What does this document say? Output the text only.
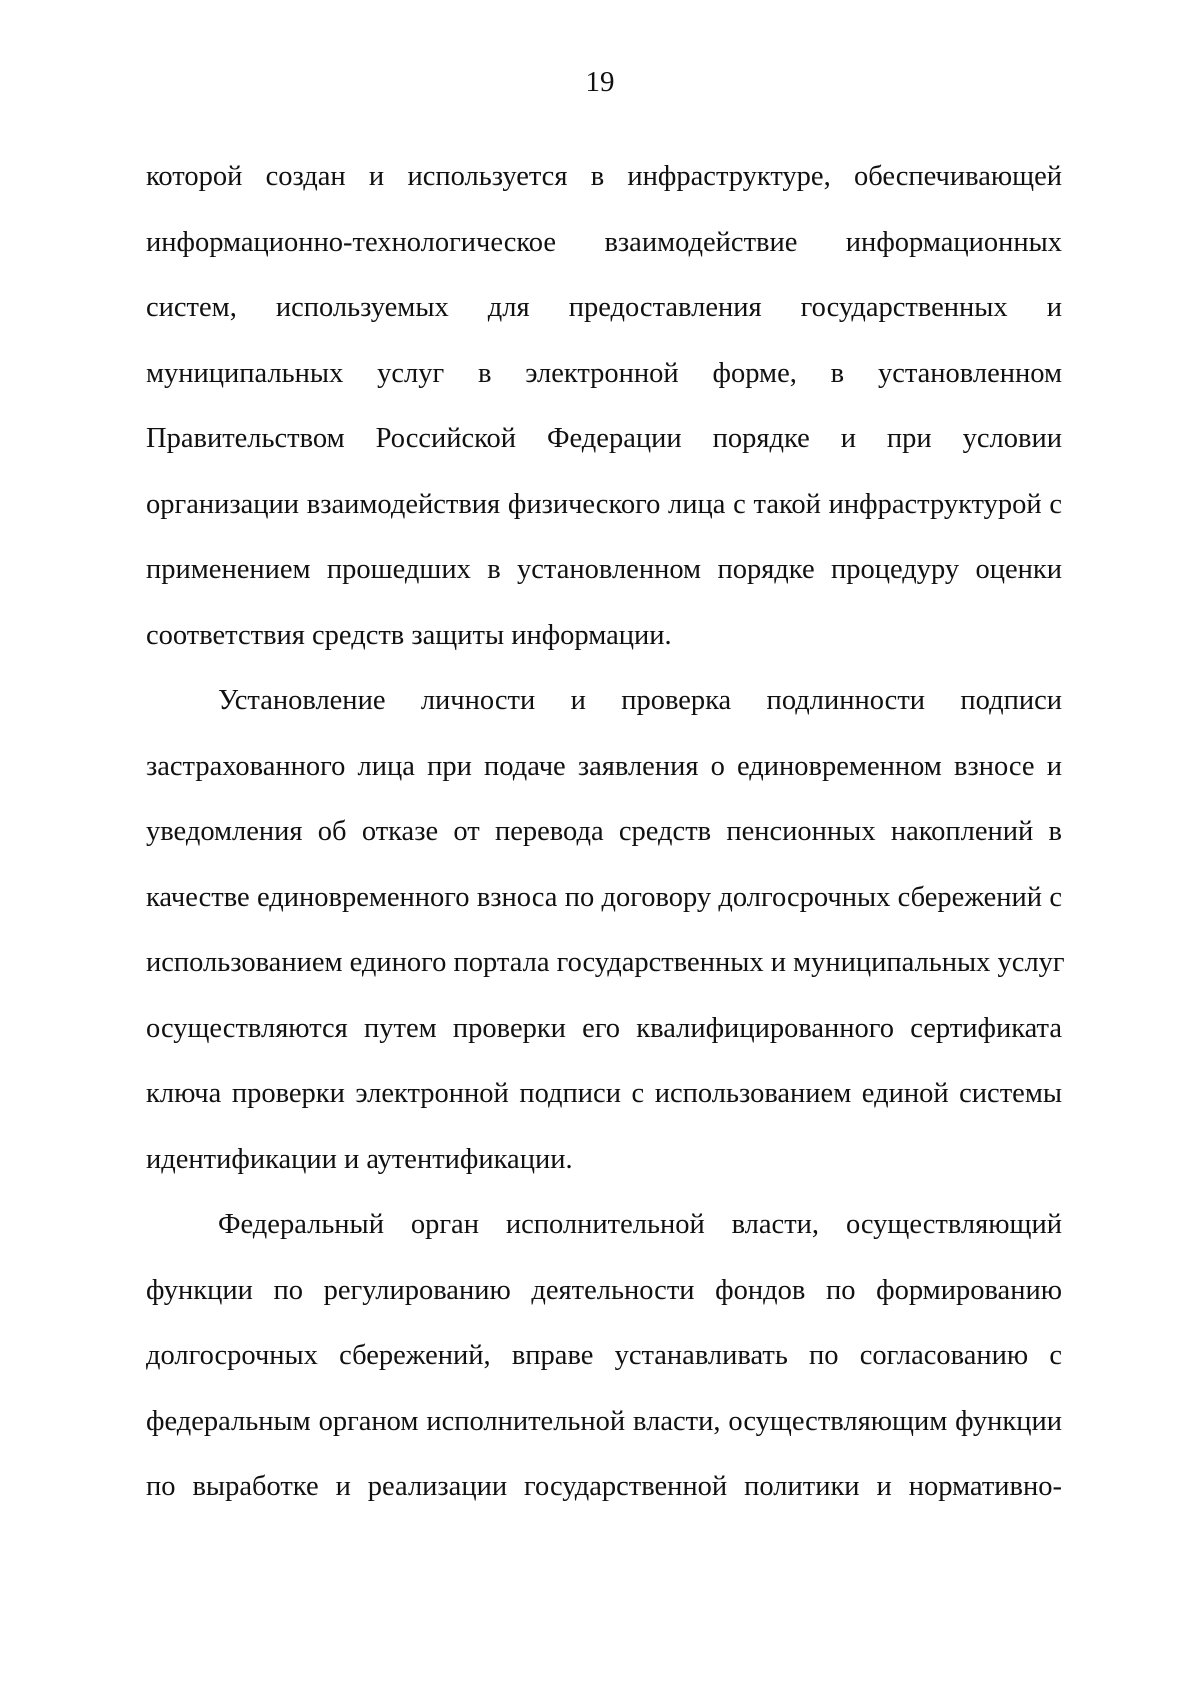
19

которой создан и используется в инфраструктуре, обеспечивающей
информационно-технологическое взаимодействие информационных
систем, используемых для предоставления государственных и
муниципальных услуг в электронной форме, в установленном
Правительством Российской Федерации порядке и при условии
организации взаимодействия физического лица с такой инфраструктурой с
применением прошедших в установленном порядке процедуру оценки
соответствия средств защиты информации.

Установление личности и проверка подлинности подписи
застрахованного лица при подаче заявления о единовременном взносе и
уведомления об отказе от перевода средств пенсионных накоплений в
качестве единовременного взноса по договору долгосрочных сбережений с
использованием единого портала государственных и муниципальных услуг
осуществляются путем проверки его квалифицированного сертификата
ключа проверки электронной подписи с использованием единой системы
идентификации и аутентификации.

Федеральный орган исполнительной власти, осуществляющий
функции по регулированию деятельности фондов по формированию
долгосрочных сбережений, вправе устанавливать по согласованию с
федеральным органом исполнительной власти, осуществляющим функции
по выработке и реализации государственной политики и нормативно-
